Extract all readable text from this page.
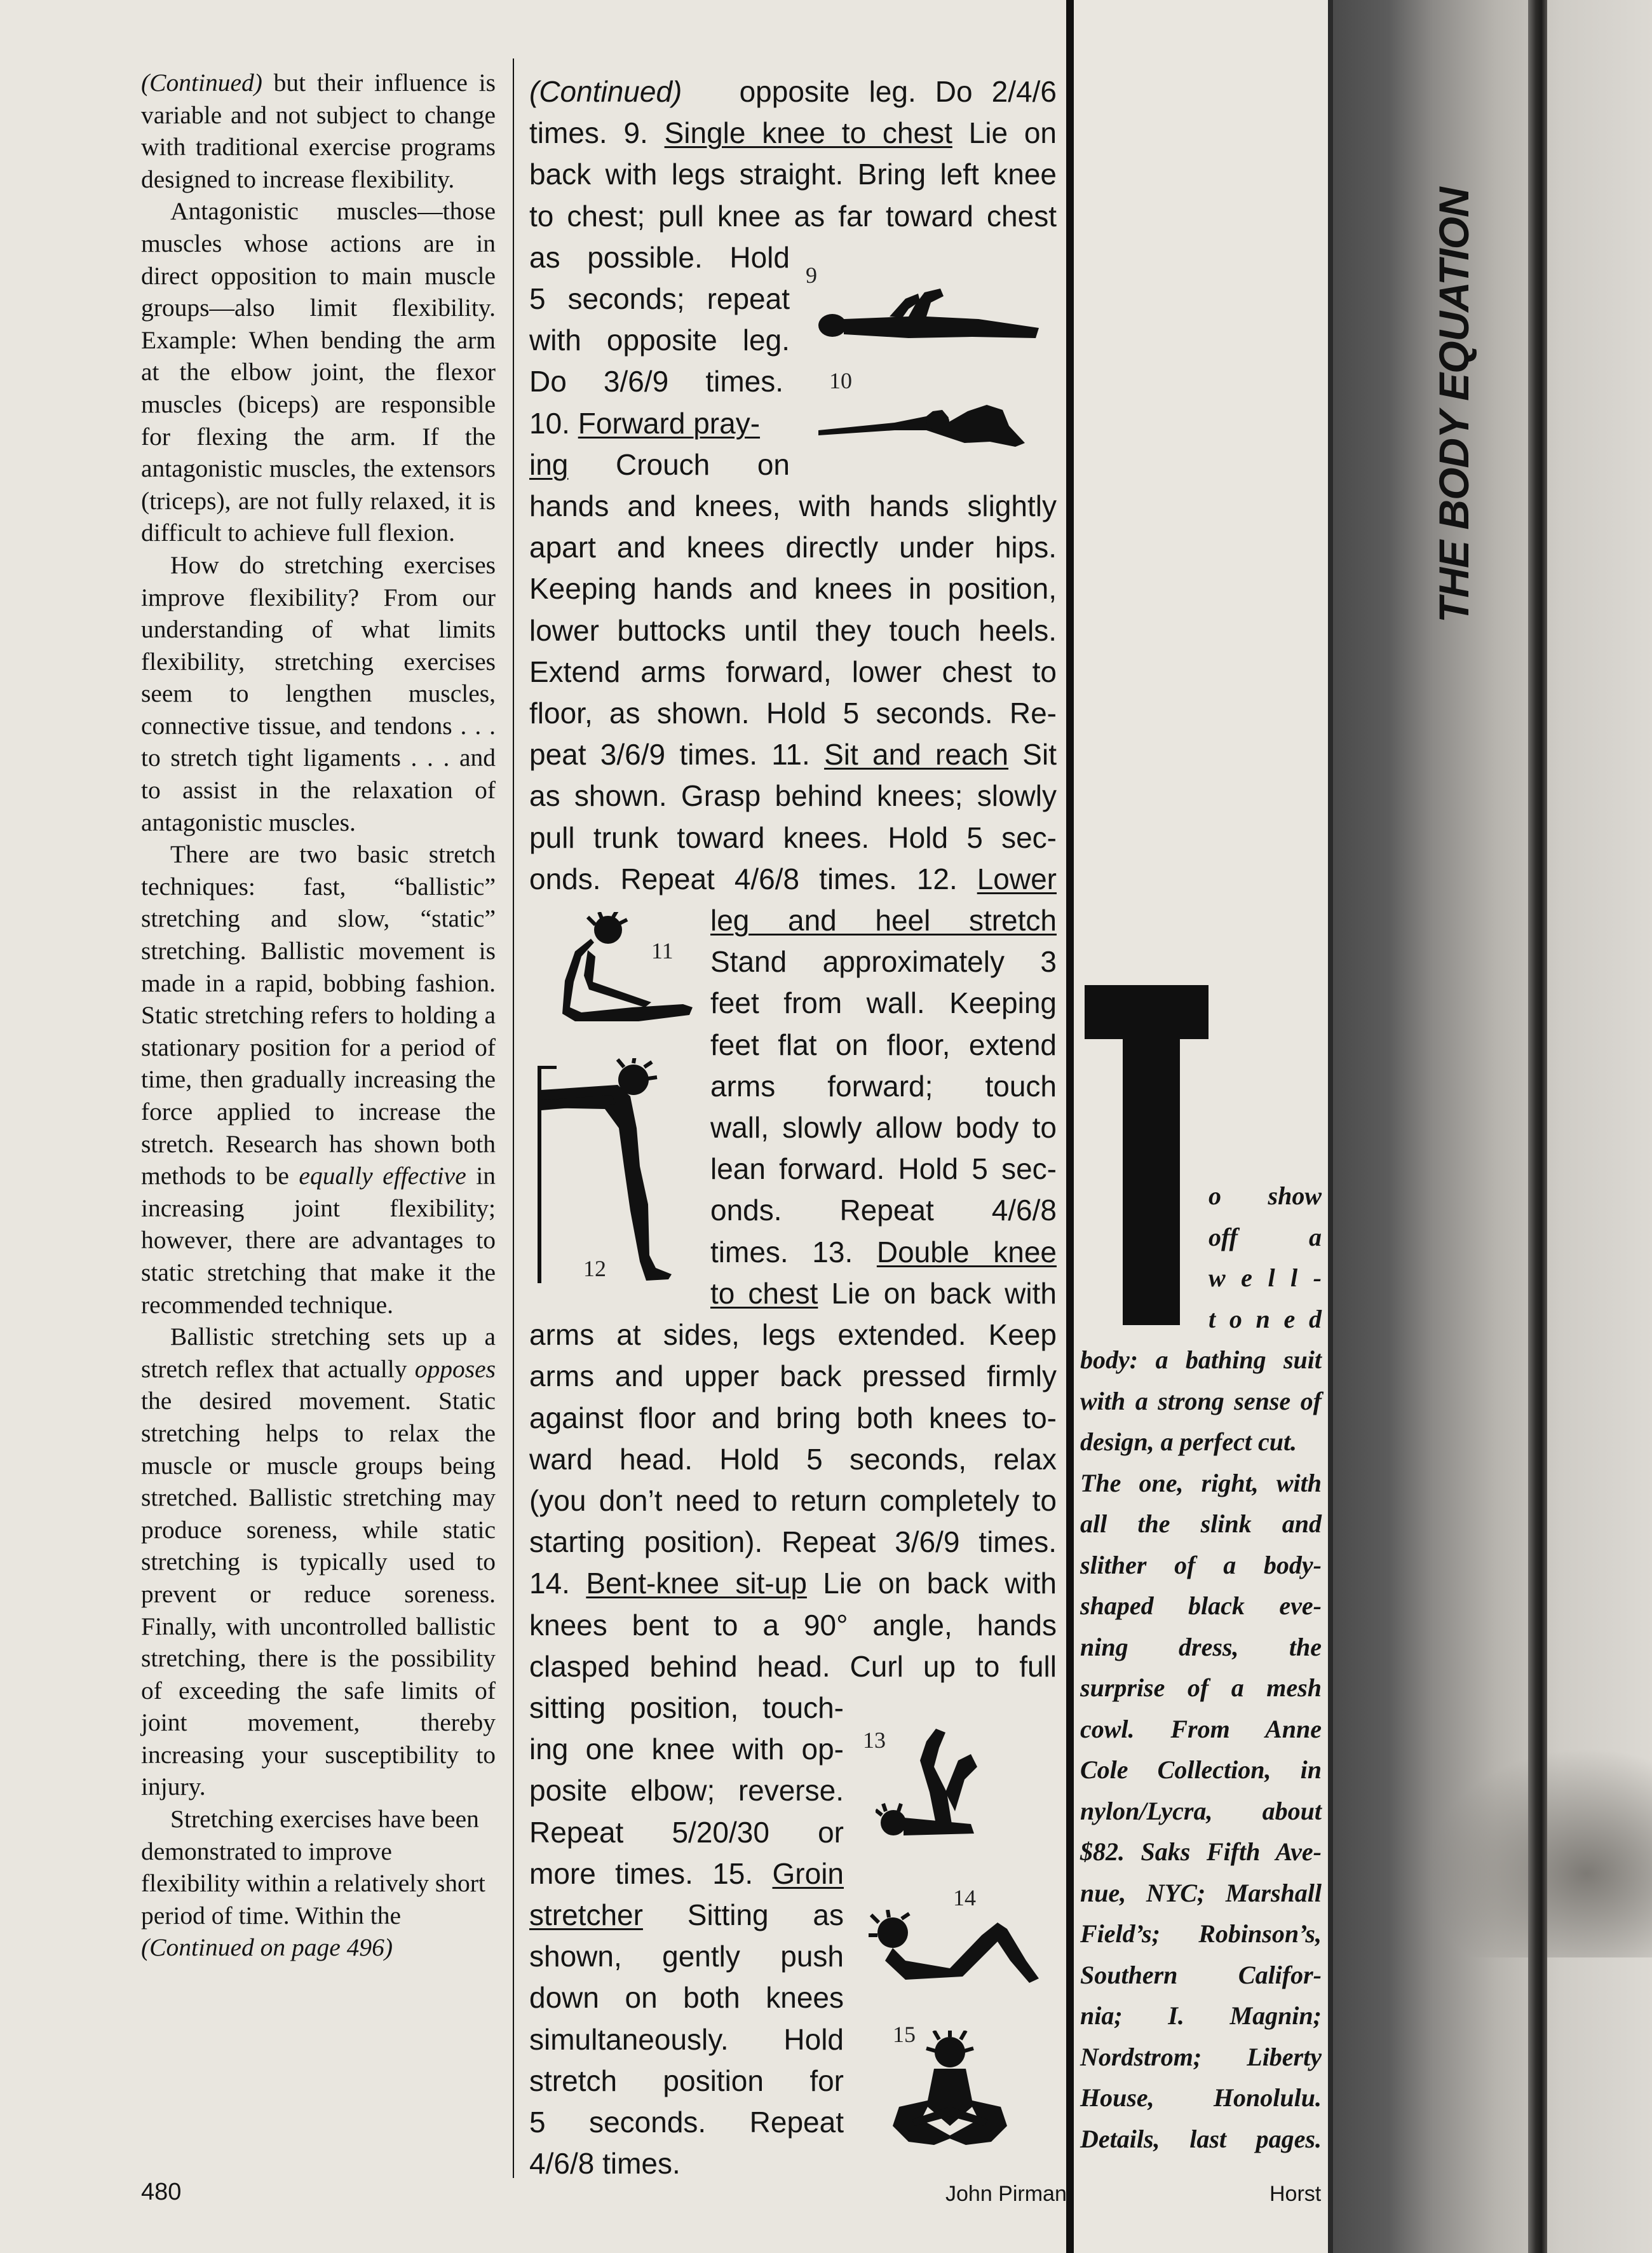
THE BODY EQUATION

(Continued) but their influence is variable and not subject to change with traditional exercise programs designed to increase flexibility.

Antagonistic muscles—those muscles whose actions are in direct opposition to main muscle groups—also limit flexibility. Example: When bending the arm at the elbow joint, the flexor muscles (biceps) are responsible for flexing the arm. If the antagonistic muscles, the extensors (triceps), are not fully relaxed, it is difficult to achieve full flexion.

How do stretching exercises improve flexibility? From our understanding of what limits flexibility, stretching exercises seem to lengthen muscles, connective tissue, and tendons . . . to stretch tight ligaments . . . and to assist in the relaxation of antagonistic muscles.

There are two basic stretch techniques: fast, “ballistic” stretching and slow, “static” stretching. Ballistic movement is made in a rapid, bobbing fashion. Static stretching refers to holding a stationary position for a period of time, then gradually increasing the force applied to increase the stretch. Research has shown both methods to be equally effective in increasing joint flexibility; however, there are advantages to static stretching that make it the recommended technique.

Ballistic stretching sets up a stretch reflex that actually opposes the desired movement. Static stretching helps to relax the muscle or muscle groups being stretched. Ballistic stretching may produce soreness, while static stretching is typically used to prevent or reduce soreness. Finally, with uncontrolled ballistic stretching, there is the possibility of exceeding the safe limits of joint movement, thereby increasing your susceptibility to injury.

Stretching exercises have been demonstrated to improve flexibility within a relatively short period of time. Within the (Continued on page 496)

(Continued) opposite leg. Do 2/4/6
times. 9. Single knee to chest Lie on
back with legs straight. Bring left knee
to chest; pull knee as far toward chest
as possible. Hold
5 seconds; repeat
with opposite leg.
Do 3/6/9 times.
10. Forward pray-
ing Crouch on
hands and knees, with hands slightly
apart and knees directly under hips.
Keeping hands and knees in position,
lower buttocks until they touch heels.
Extend arms forward, lower chest to
floor, as shown. Hold 5 seconds. Re-
peat 3/6/9 times. 11. Sit and reach Sit
as shown. Grasp behind knees; slowly
pull trunk toward knees. Hold 5 sec-
onds. Repeat 4/6/8 times. 12. Lower
leg and heel stretch
Stand approximately 3
feet from wall. Keeping
feet flat on floor, extend
arms forward; touch
wall, slowly allow body to
lean forward. Hold 5 sec-
onds. Repeat 4/6/8
times. 13. Double knee
to chest Lie on back with
arms at sides, legs extended. Keep
arms and upper back pressed firmly
against floor and bring both knees to-
ward head. Hold 5 seconds, relax
(you don’t need to return completely to
starting position). Repeat 3/6/9 times.
14. Bent-knee sit-up Lie on back with
knees bent to a 90° angle, hands
clasped behind head. Curl up to full
sitting position, touch-
ing one knee with op-
posite elbow; reverse.
Repeat 5/20/30 or
more times. 15. Groin
stretcher Sitting as
shown, gently push
down on both knees
simultaneously. Hold
stretch position for
5 seconds. Repeat
4/6/8 times.
9
10
11
12
13
14
15
o show
off a
w e l l -
t o n e d
body: a bathing suit
with a strong sense of
design, a perfect cut.
The one, right, with
all the slink and
slither of a body-
shaped black eve-
ning dress, the
surprise of a mesh
cowl. From Anne
Cole Collection, in
nylon/Lycra, about
$82. Saks Fifth Ave-
nue, NYC; Marshall
Field’s; Robinson’s,
Southern Califor-
nia; I. Magnin;
Nordstrom; Liberty
House, Honolulu.
Details, last pages.
480	John Pirman	Horst
